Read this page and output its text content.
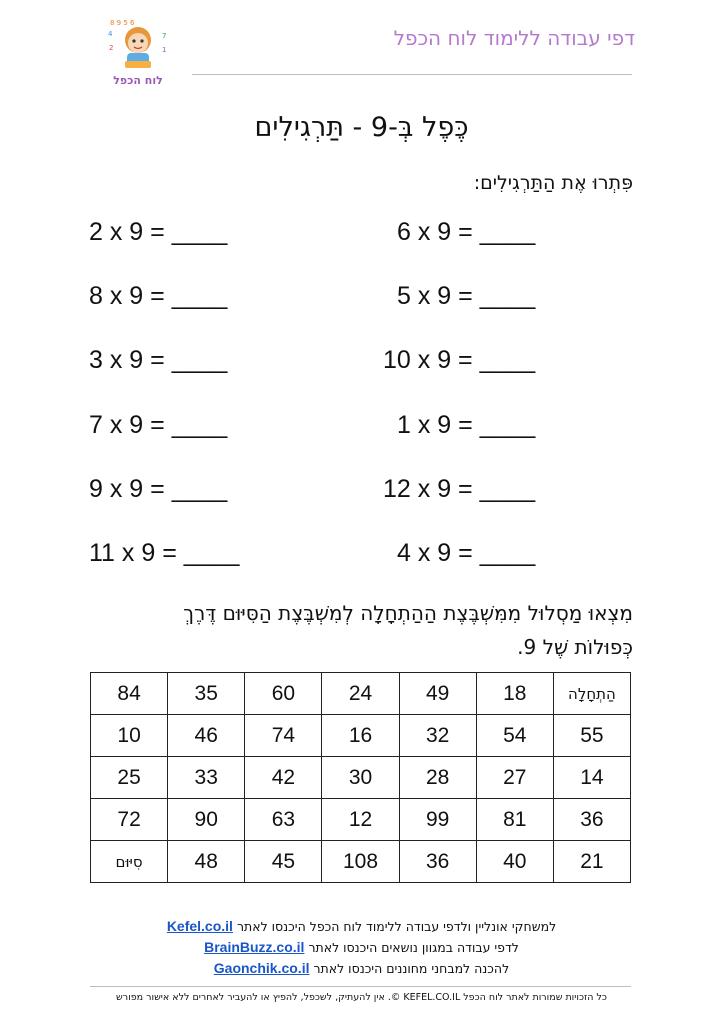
דפי עבודה ללימוד לוח הכפל
8 9 5 6
4	7
2	1
לוח הכפל
כֶּפֶל בְּ-9 - תַּרְגִילִים
פִּתְרוּ אֶת הַתַּרְגִילִים:
2 x 9 = ____
8 x 9 = ____
3 x 9 = ____
7 x 9 = ____
9 x 9 = ____
11 x 9 = ____
6 x 9 = ____
5 x 9 = ____
10 x 9 = ____
1 x 9 = ____
12 x 9 = ____
4 x 9 = ____
מִצְאוּ מַסְלוּל מִמִּשְׁבֶּצֶת הַהַתְחָלָה לְמִשְׁבֶּצֶת הַסִּיּוּם דֶּרֶךְ
כְּפוּלוֹת שֶׁל 9.
הַתְחָלָה	18	49	24	60	35	84
55	54	32	16	74	46	10
14	27	28	30	42	33	25
36	81	99	12	63	90	72
21	40	36	108	45	48	סִיּוּם
למשחקי אונליין ולדפי עבודה ללימוד לוח הכפל היכנסו לאתר Kefel.co.il
לדפי עבודה במגוון נושאים היכנסו לאתר BrainBuzz.co.il
להכנה למבחני מחוננים היכנסו לאתר Gaonchik.co.il
כל הזכויות שמורות לאתר לוח הכפל KEFEL.CO.IL ©. אין להעתיק, לשכפל, להפיץ או להעביר לאחרים ללא אישור מפורש
